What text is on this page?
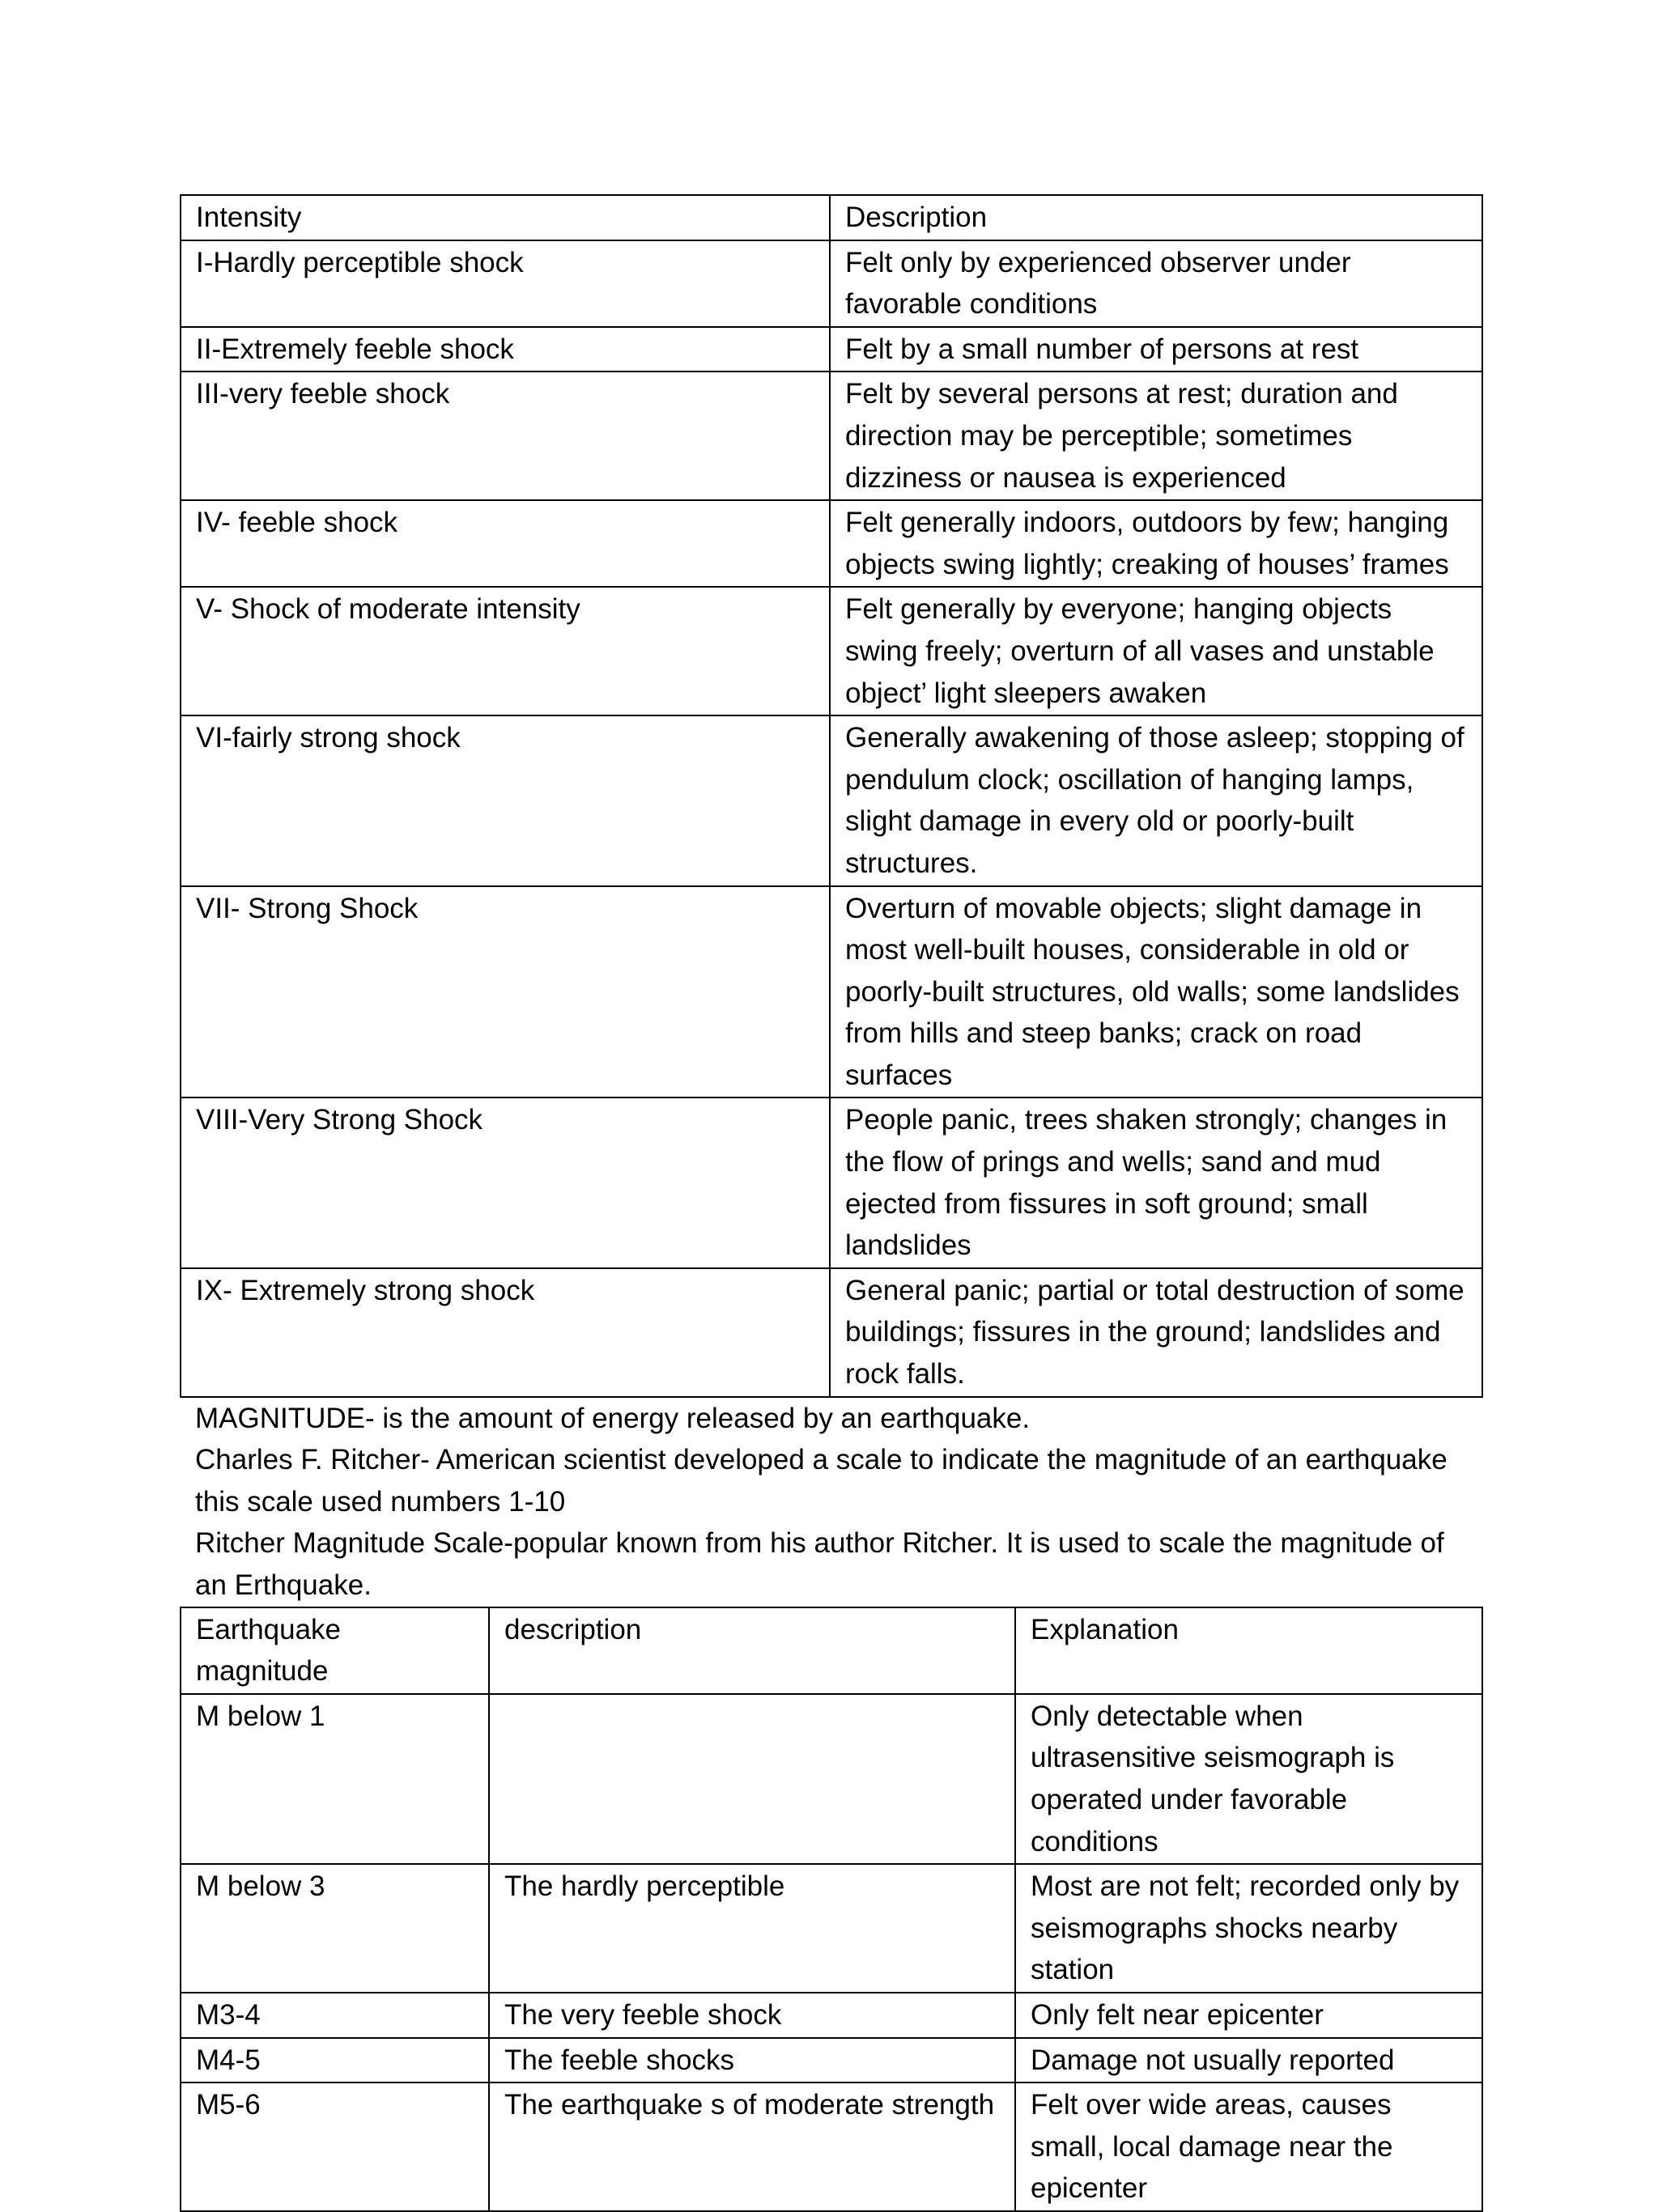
Intensity	Description
I-Hardly perceptible shock	Felt only by experienced observer under favorable conditions
II-Extremely feeble shock	Felt by a small number of persons at rest
III-very feeble shock	Felt by several persons at rest; duration and direction may be perceptible; sometimes dizziness or nausea is experienced
IV- feeble shock	Felt generally indoors, outdoors by few; hanging objects swing lightly; creaking of houses’ frames
V- Shock of moderate intensity	Felt generally by everyone; hanging objects swing freely; overturn of all vases and unstable object’ light sleepers awaken
VI-fairly strong shock	Generally awakening of those asleep; stopping of pendulum clock; oscillation of hanging lamps, slight damage in every old or poorly-built structures.
VII- Strong Shock	Overturn of movable objects; slight damage in most well-built houses, considerable in old or poorly-built structures, old walls; some landslides from hills and steep banks; crack on road surfaces
VIII-Very Strong Shock	People panic, trees shaken strongly; changes in the flow of prings and wells; sand and mud ejected from fissures in soft ground; small landslides
IX- Extremely strong shock	General panic; partial or total destruction of some buildings; fissures in the ground; landslides and rock falls.

MAGNITUDE- is the amount of energy released by an earthquake.

Charles F. Ritcher- American scientist developed a scale to indicate the magnitude of an earthquake this scale used numbers 1-10

Ritcher Magnitude Scale-popular known from his author Ritcher. It is used to scale the magnitude of an Erthquake.

Earthquake magnitude	description	Explanation
M below 1		Only detectable when ultrasensitive seismograph is operated under favorable conditions
M below 3	The hardly perceptible	Most are not felt; recorded only by seismographs shocks nearby station
M3-4	The very feeble shock	Only felt near epicenter
M4-5	The feeble shocks	Damage not usually reported
M5-6	The earthquake s of moderate strength	Felt over wide areas, causes small, local damage near the epicenter
